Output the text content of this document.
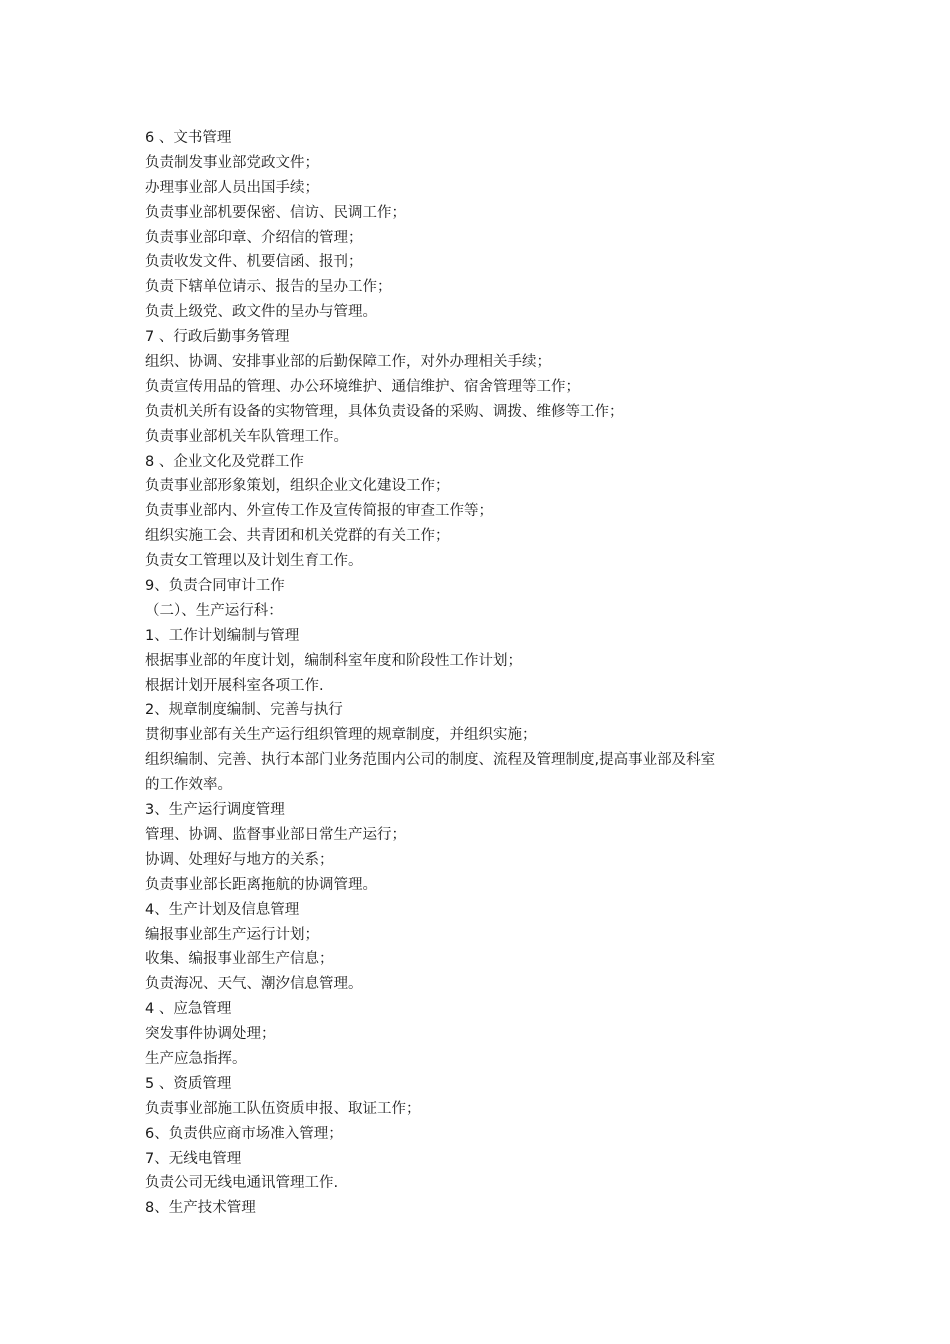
6 、文书管理

负责制发事业部党政文件；

办理事业部人员出国手续；

负责事业部机要保密、信访、民调工作；

负责事业部印章、介绍信的管理；

负责收发文件、机要信函、报刊；

负责下辖单位请示、报告的呈办工作；

负责上级党、政文件的呈办与管理。

7 、行政后勤事务管理

组织、协调、安排事业部的后勤保障工作，对外办理相关手续；

负责宣传用品的管理、办公环境维护、通信维护、宿舍管理等工作；

负责机关所有设备的实物管理，具体负责设备的采购、调拨、维修等工作；

负责事业部机关车队管理工作。

8 、企业文化及党群工作

负责事业部形象策划，组织企业文化建设工作；

负责事业部内、外宣传工作及宣传简报的审查工作等；

组织实施工会、共青团和机关党群的有关工作；

负责女工管理以及计划生育工作。

9、负责合同审计工作

（二）、生产运行科：

1、工作计划编制与管理

根据事业部的年度计划，编制科室年度和阶段性工作计划；

根据计划开展科室各项工作.

2、规章制度编制、完善与执行

贯彻事业部有关生产运行组织管理的规章制度，并组织实施；

组织编制、完善、执行本部门业务范围内公司的制度、流程及管理制度,提高事业部及科室

的工作效率。

3、生产运行调度管理

管理、协调、监督事业部日常生产运行；

协调、处理好与地方的关系；

负责事业部长距离拖航的协调管理。

4、生产计划及信息管理

编报事业部生产运行计划；

收集、编报事业部生产信息；

负责海况、天气、潮汐信息管理。

4 、应急管理

突发事件协调处理；

生产应急指挥。

5 、资质管理

负责事业部施工队伍资质申报、取证工作；

6、负责供应商市场准入管理；

7、无线电管理

负责公司无线电通讯管理工作.

8、生产技术管理
